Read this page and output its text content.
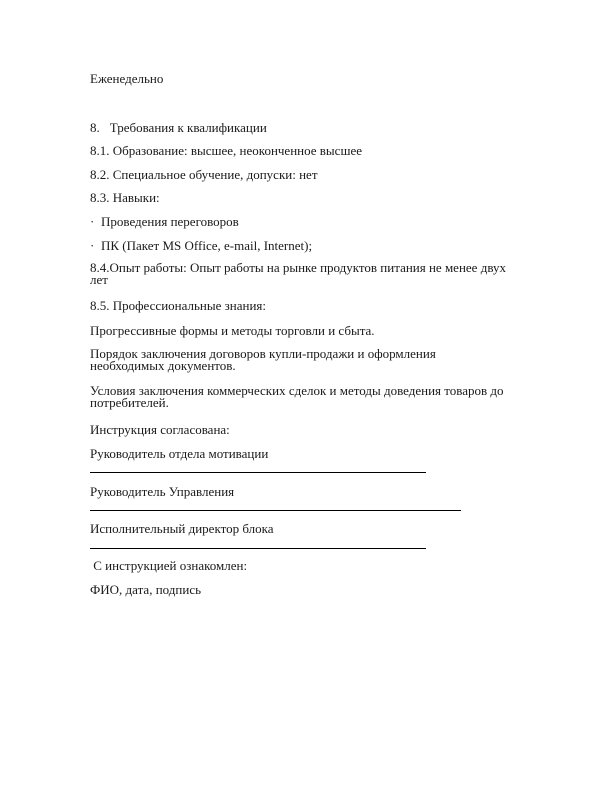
Еженедельно
8. Требования к квалификации
8.1. Образование: высшее, неоконченное высшее
8.2. Специальное обучение, допуски: нет
8.3. Навыки:
· Проведения переговоров
· ПК (Пакет MS Office, e-mail, Internet);
8.4.Опыт работы: Опыт работы на рынке продуктов питания не менее двух лет
8.5. Профессиональные знания:
Прогрессивные формы и методы торговли и сбыта.
Порядок заключения договоров купли-продажи и оформления необходимых документов.
Условия заключения коммерческих сделок и методы доведения товаров до потребителей.
Инструкция согласована:
Руководитель отдела мотивации
Руководитель Управления
Исполнительный директор блока
С инструкцией ознакомлен:
ФИО, дата, подпись
